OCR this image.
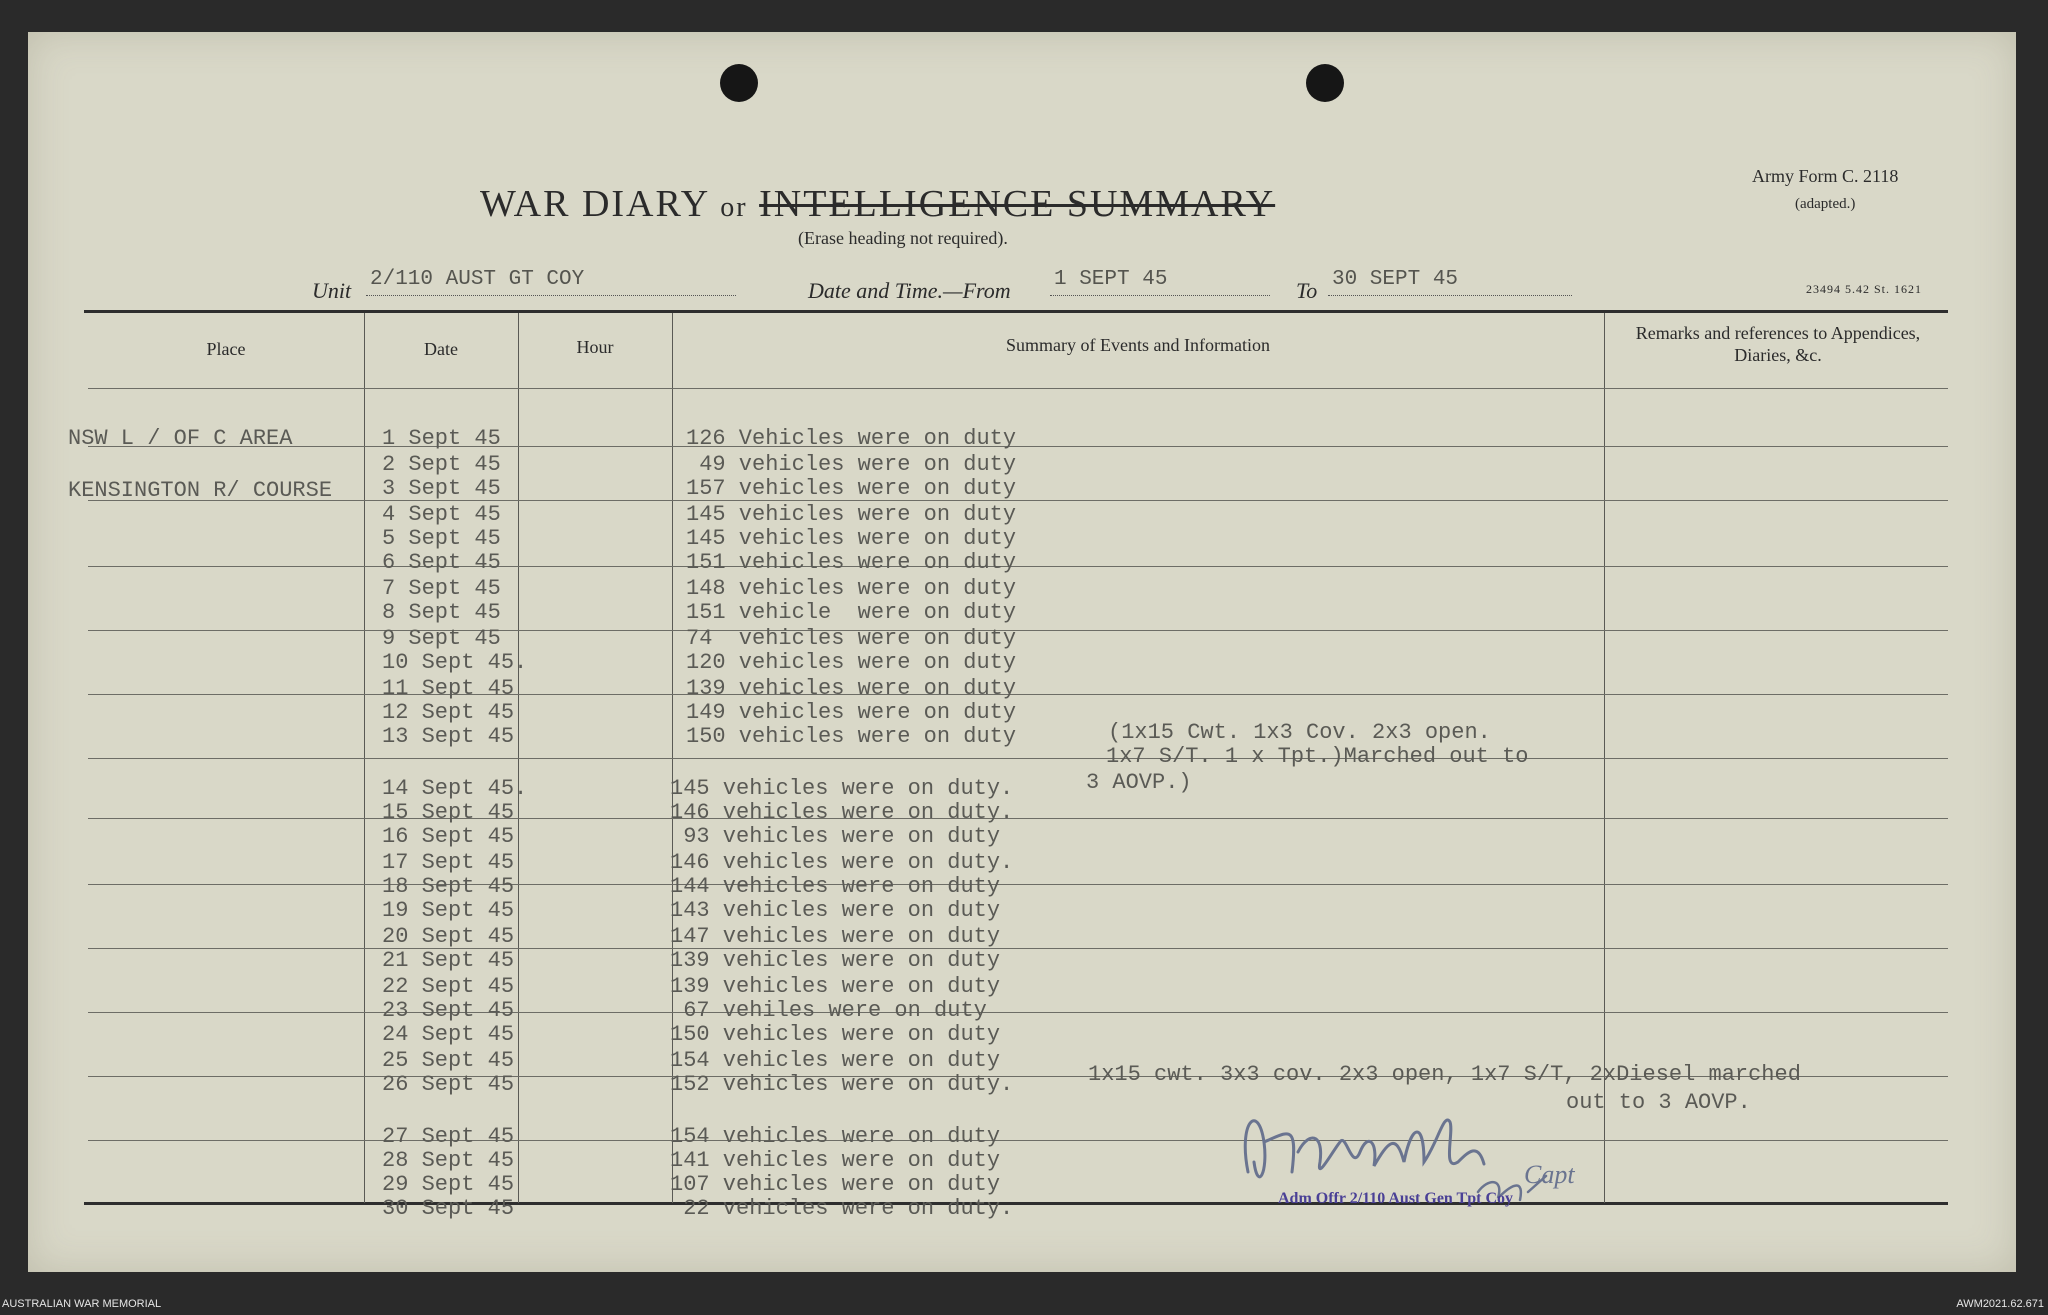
WAR DIARY or INTELLIGENCE SUMMARY
(Erase heading not required).
Army Form C. 2118
(adapted.)
23494 5.42 St. 1621
Unit 2/110 AUST GT COY	Date and Time.—From 1 SEPT 45	To 30 SEPT 45
Place	Date	Hour	Summary of Events and Information
Remarks and references to Appendices, Diaries, &c.
NSW L / OF C AREA
KENSINGTON R/ COURSE
1 Sept 45	126 Vehicles were on duty
2 Sept 45	49 vehicles were on duty
3 Sept 45	157 vehicles were on duty
4 Sept 45	145 vehicles were on duty
5 Sept 45	145 vehicles were on duty
6 Sept 45	151 vehicles were on duty
7 Sept 45	148 vehicles were on duty
8 Sept 45	151 vehicle  were on duty
9 Sept 45	74  vehicles were on duty
10 Sept 45.	120 vehicles were on duty
11 Sept 45	139 vehicles were on duty
12 Sept 45	149 vehicles were on duty
13 Sept 45	150 vehicles were on duty
14 Sept 45.	145 vehicles were on duty.
15 Sept 45	146 vehicles were on duty.
16 Sept 45	93 vehicles were on duty
17 Sept 45	146 vehicles were on duty.
18 Sept 45	144 vehicles were on duty
19 Sept 45	143 vehicles were on duty
20 Sept 45	147 vehicles were on duty
21 Sept 45	139 vehicles were on duty
22 Sept 45	139 vehicles were on duty
23 Sept 45	67 vehiles were on duty
24 Sept 45	150 vehicles were on duty
25 Sept 45	154 vehicles were on duty
26 Sept 45	152 vehicles were on duty.
27 Sept 45	154 vehicles were on duty
28 Sept 45	141 vehicles were on duty
29 Sept 45	107 vehicles were on duty
30 Sept 45	22 vehicles were on duty.
(1x15 Cwt. 1x3 Cov. 2x3 open.
1x7 S/T. 1 x Tpt.)Marched out to
3 AOVP.)
1x15 cwt. 3x3 cov. 2x3 open, 1x7 S/T, 2xDiesel marched
out to 3 AOVP.
Capt
Adm Offr 2/110 Aust Gen Tpt Coy
AUSTRALIAN WAR MEMORIAL	AWM2021.62.671
